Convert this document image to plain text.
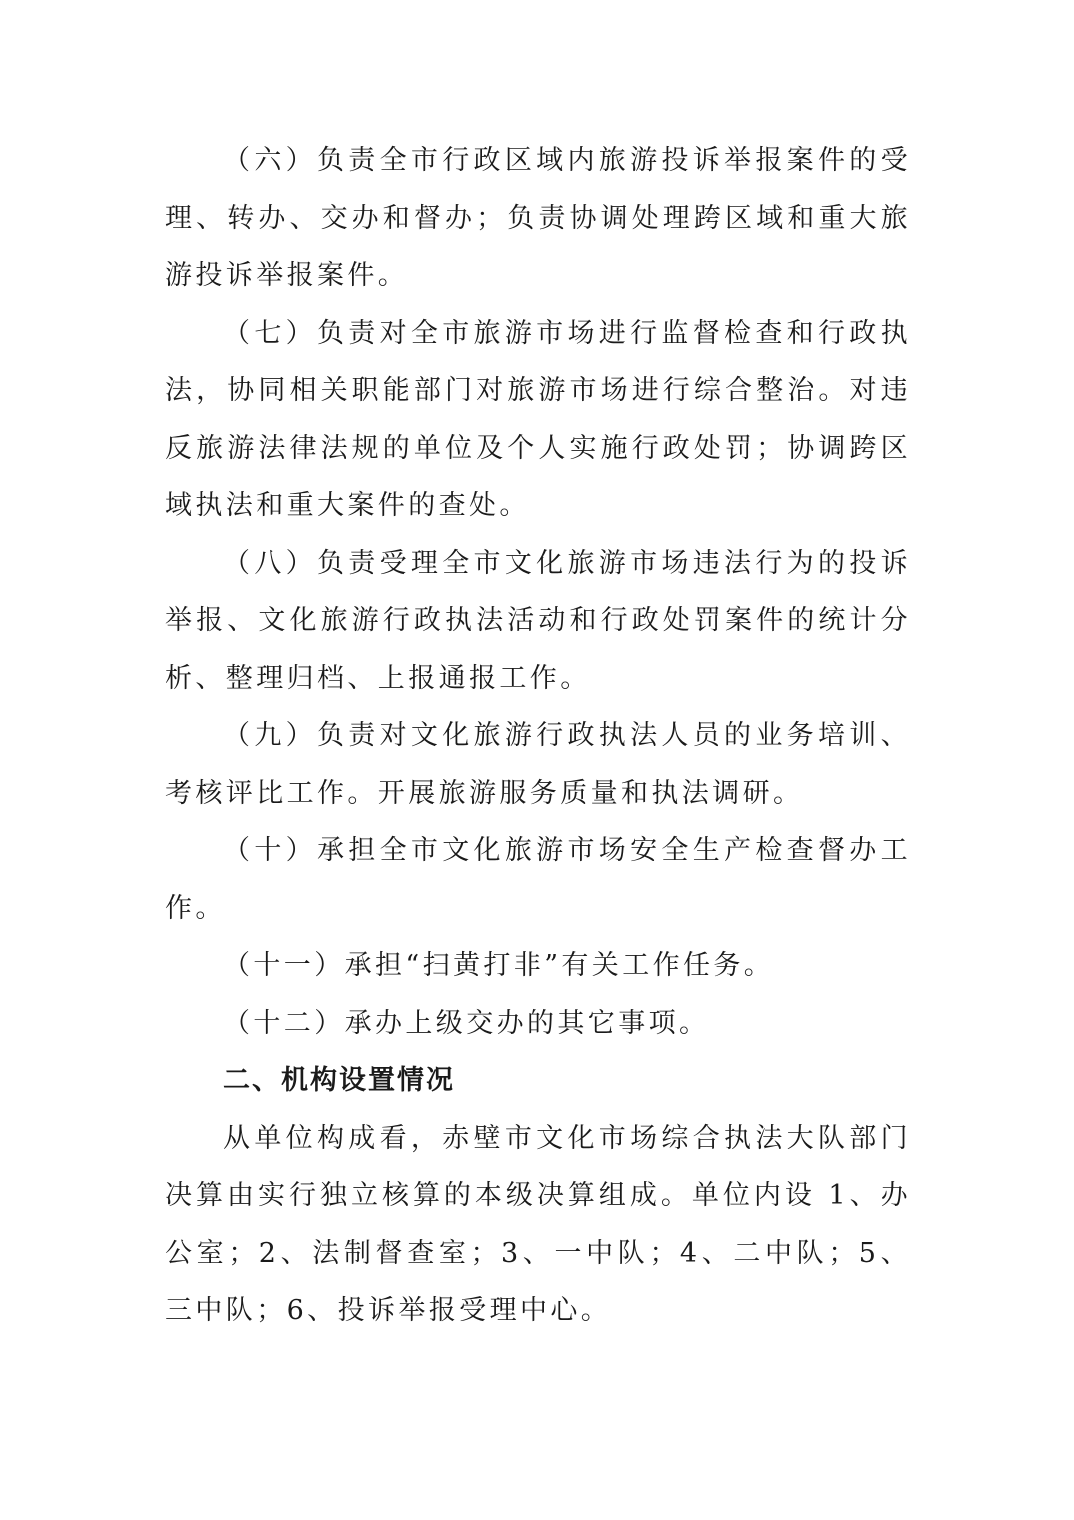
（六）负责全市行政区域内旅游投诉举报案件的受理、转办、交办和督办；负责协调处理跨区域和重大旅游投诉举报案件。

（七）负责对全市旅游市场进行监督检查和行政执法，协同相关职能部门对旅游市场进行综合整治。对违反旅游法律法规的单位及个人实施行政处罚；协调跨区域执法和重大案件的查处。

（八）负责受理全市文化旅游市场违法行为的投诉举报、文化旅游行政执法活动和行政处罚案件的统计分析、整理归档、上报通报工作。

（九）负责对文化旅游行政执法人员的业务培训、考核评比工作。开展旅游服务质量和执法调研。

（十）承担全市文化旅游市场安全生产检查督办工作。

（十一）承担“扫黄打非”有关工作任务。

（十二）承办上级交办的其它事项。

二、机构设置情况

从单位构成看，赤壁市文化市场综合执法大队部门决算由实行独立核算的本级决算组成。单位内设 1、办公室；2、法制督查室；3、一中队；4、二中队；5、三中队；6、投诉举报受理中心。
